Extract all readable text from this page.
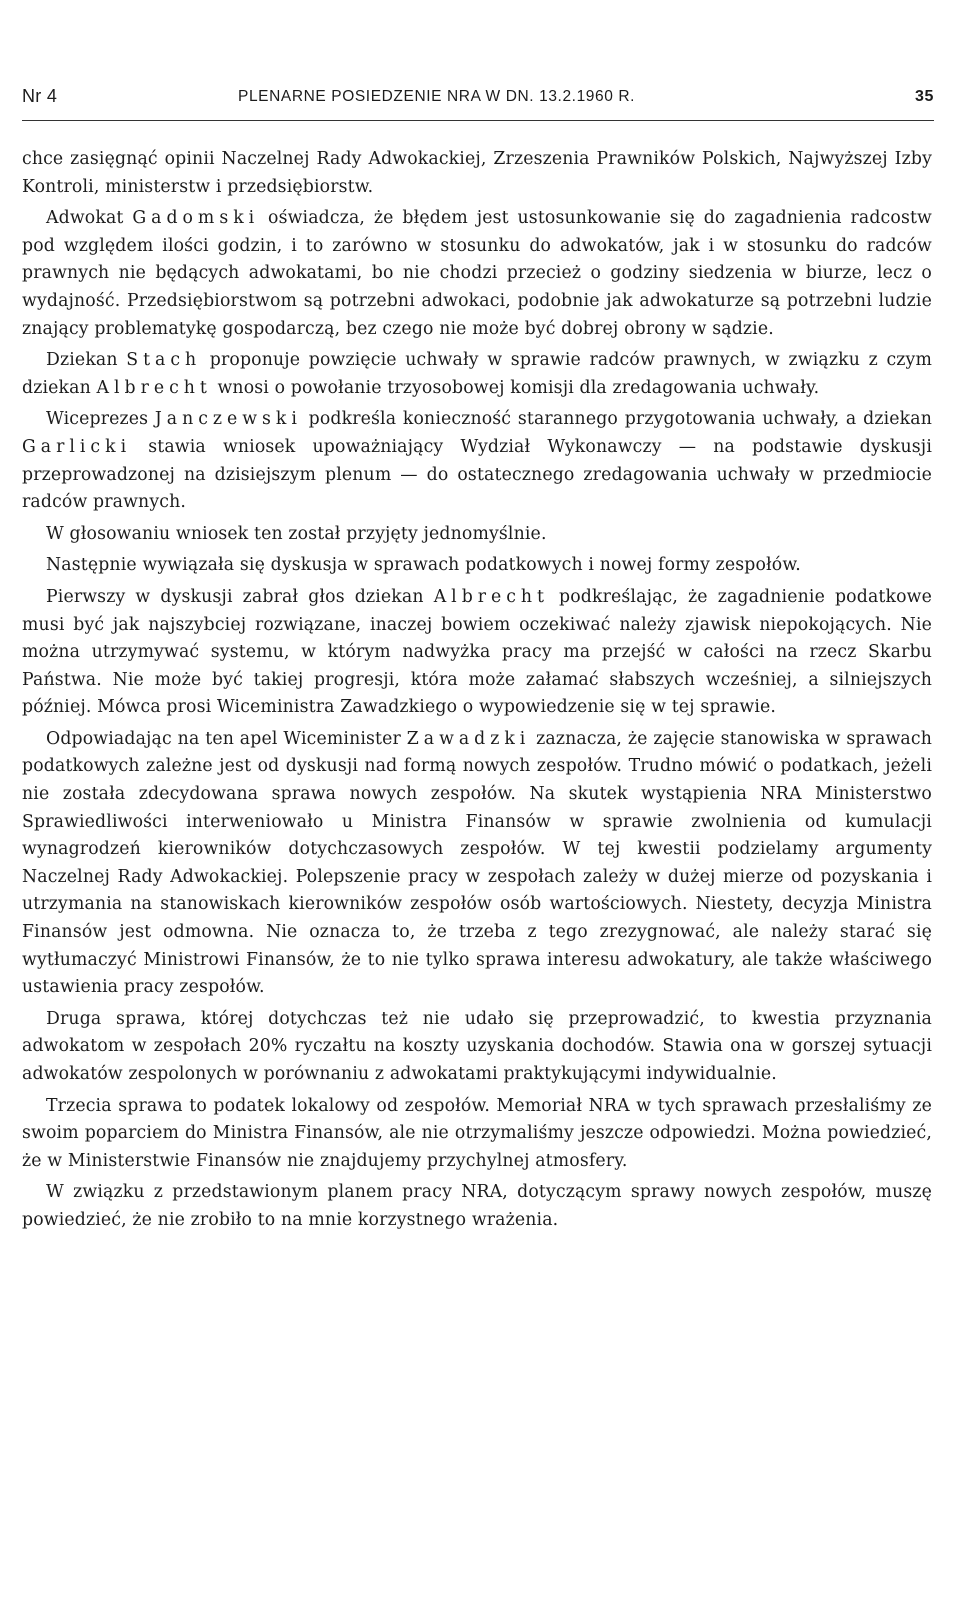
Nr 4	PLENARNE POSIEDZENIE NRA W DN. 13.2.1960 R.	35

chce zasięgnąć opinii Naczelnej Rady Adwokackiej, Zrzeszenia Prawników Polskich, Najwyższej Izby Kontroli, ministerstw i przedsiębiorstw.

Adwokat Gadomski oświadcza, że błędem jest ustosunkowanie się do zagadnienia radcostw pod względem ilości godzin, i to zarówno w stosunku do adwokatów, jak i w stosunku do radców prawnych nie będących adwokatami, bo nie chodzi przecież o godziny siedzenia w biurze, lecz o wydajność. Przedsiębiorstwom są potrzebni adwokaci, podobnie jak adwokaturze są potrzebni ludzie znający problematykę gospodarczą, bez czego nie może być dobrej obrony w sądzie.

Dziekan Stach proponuje powzięcie uchwały w sprawie radców prawnych, w związku z czym dziekan Albrecht wnosi o powołanie trzyosobowej komisji dla zredagowania uchwały.

Wiceprezes Janczewski podkreśla konieczność starannego przygotowania uchwały, a dziekan Garlicki stawia wniosek upoważniający Wydział Wykonawczy — na podstawie dyskusji przeprowadzonej na dzisiejszym plenum — do ostatecznego zredagowania uchwały w przedmiocie radców prawnych.

W głosowaniu wniosek ten został przyjęty jednomyślnie.

Następnie wywiązała się dyskusja w sprawach podatkowych i nowej formy zespołów.

Pierwszy w dyskusji zabrał głos dziekan Albrecht podkreślając, że zagadnienie podatkowe musi być jak najszybciej rozwiązane, inaczej bowiem oczekiwać należy zjawisk niepokojących. Nie można utrzymywać systemu, w którym nadwyżka pracy ma przejść w całości na rzecz Skarbu Państwa. Nie może być takiej progresji, która może załamać słabszych wcześniej, a silniejszych później. Mówca prosi Wiceministra Zawadzkiego o wypowiedzenie się w tej sprawie.

Odpowiadając na ten apel Wiceminister Zawadzki zaznacza, że zajęcie stanowiska w sprawach podatkowych zależne jest od dyskusji nad formą nowych zespołów. Trudno mówić o podatkach, jeżeli nie została zdecydowana sprawa nowych zespołów. Na skutek wystąpienia NRA Ministerstwo Sprawiedliwości interweniowało u Ministra Finansów w sprawie zwolnienia od kumulacji wynagrodzeń kierowników dotychczasowych zespołów. W tej kwestii podzielamy argumenty Naczelnej Rady Adwokackiej. Polepszenie pracy w zespołach zależy w dużej mierze od pozyskania i utrzymania na stanowiskach kierowników zespołów osób wartościowych. Niestety, decyzja Ministra Finansów jest odmowna. Nie oznacza to, że trzeba z tego zrezygnować, ale należy starać się wytłumaczyć Ministrowi Finansów, że to nie tylko sprawa interesu adwokatury, ale także właściwego ustawienia pracy zespołów.

Druga sprawa, której dotychczas też nie udało się przeprowadzić, to kwestia przyznania adwokatom w zespołach 20% ryczałtu na koszty uzyskania dochodów. Stawia ona w gorszej sytuacji adwokatów zespolonych w porównaniu z adwokatami praktykującymi indywidualnie.

Trzecia sprawa to podatek lokalowy od zespołów. Memoriał NRA w tych sprawach przesłaliśmy ze swoim poparciem do Ministra Finansów, ale nie otrzymaliśmy jeszcze odpowiedzi. Można powiedzieć, że w Ministerstwie Finansów nie znajdujemy przychylnej atmosfery.

W związku z przedstawionym planem pracy NRA, dotyczącym sprawy nowych zespołów, muszę powiedzieć, że nie zrobiło to na mnie korzystnego wrażenia.
